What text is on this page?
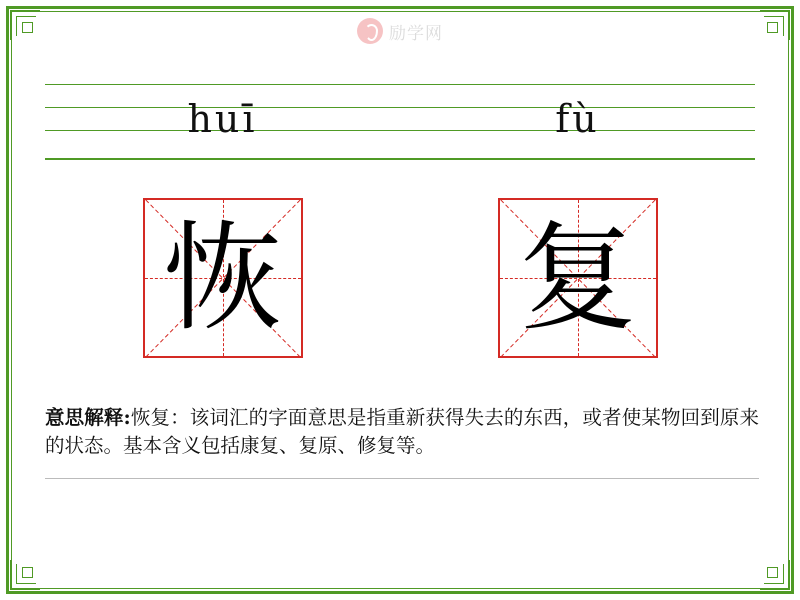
励学网
huī	fù
恢 复
意思解释:恢复：该词汇的字面意思是指重新获得失去的东西，或者使某物回到原来的状态。基本含义包括康复、复原、修复等。
